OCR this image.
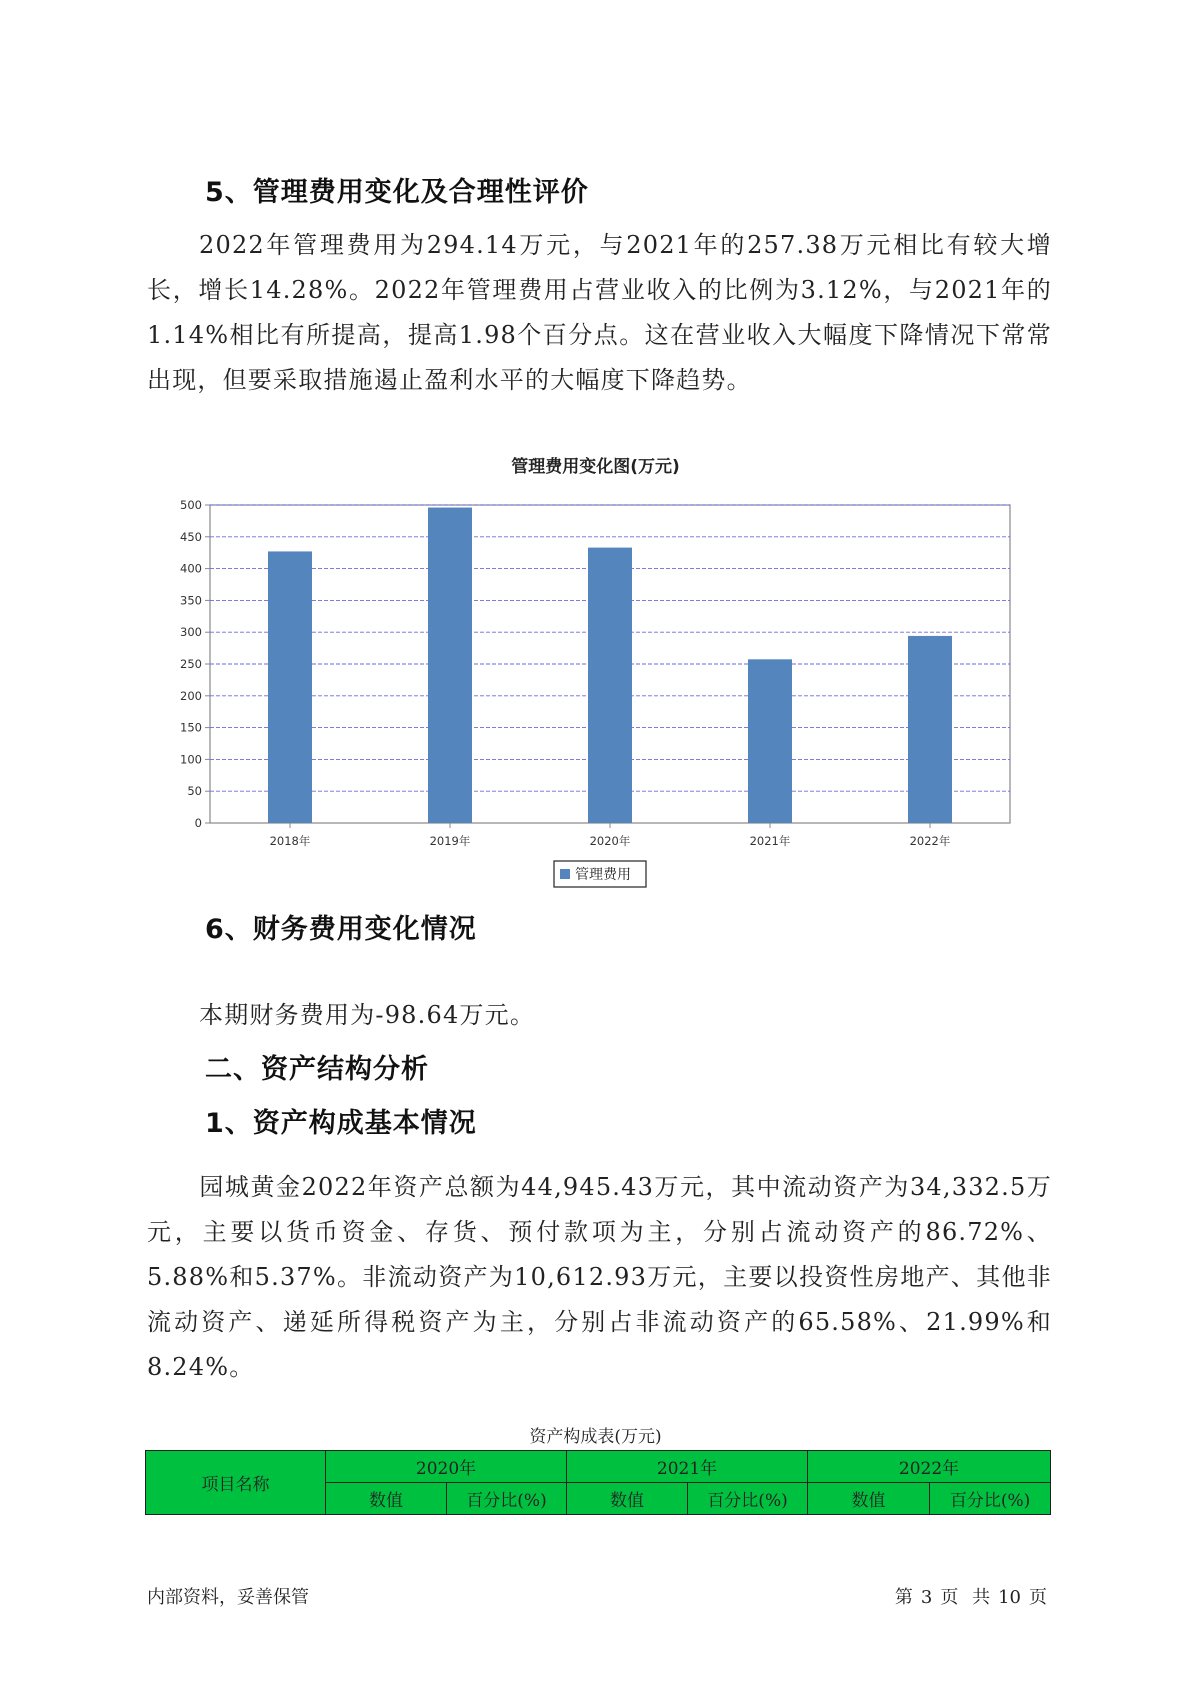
5、管理费用变化及合理性评价

2022年管理费用为294.14万元，与2021年的257.38万元相比有较大增长，增长14.28%。2022年管理费用占营业收入的比例为3.12%，与2021年的1.14%相比有所提高，提高1.98个百分点。这在营业收入大幅度下降情况下常常出现，但要采取措施遏止盈利水平的大幅度下降趋势。

管理费用变化图(万元)

0
50
100
150
200
250
300
350
400
450
500
2018年	2019年	2020年	2021年	2022年
管理费用
6、财务费用变化情况

本期财务费用为-98.64万元。

二、资产结构分析
1、资产构成基本情况

园城黄金2022年资产总额为44,945.43万元，其中流动资产为34,332.5万元，主要以货币资金、存货、预付款项为主，分别占流动资产的86.72%、5.88%和5.37%。非流动资产为10,612.93万元，主要以投资性房地产、其他非流动资产、递延所得税资产为主，分别占非流动资产的65.58%、21.99%和8.24%。

资产构成表(万元)

项目名称	2020年		2021年		2022年	
	数值	百分比(%)	数值	百分比(%)	数值	百分比(%)

内部资料，妥善保管	第 3 页 共 10 页
